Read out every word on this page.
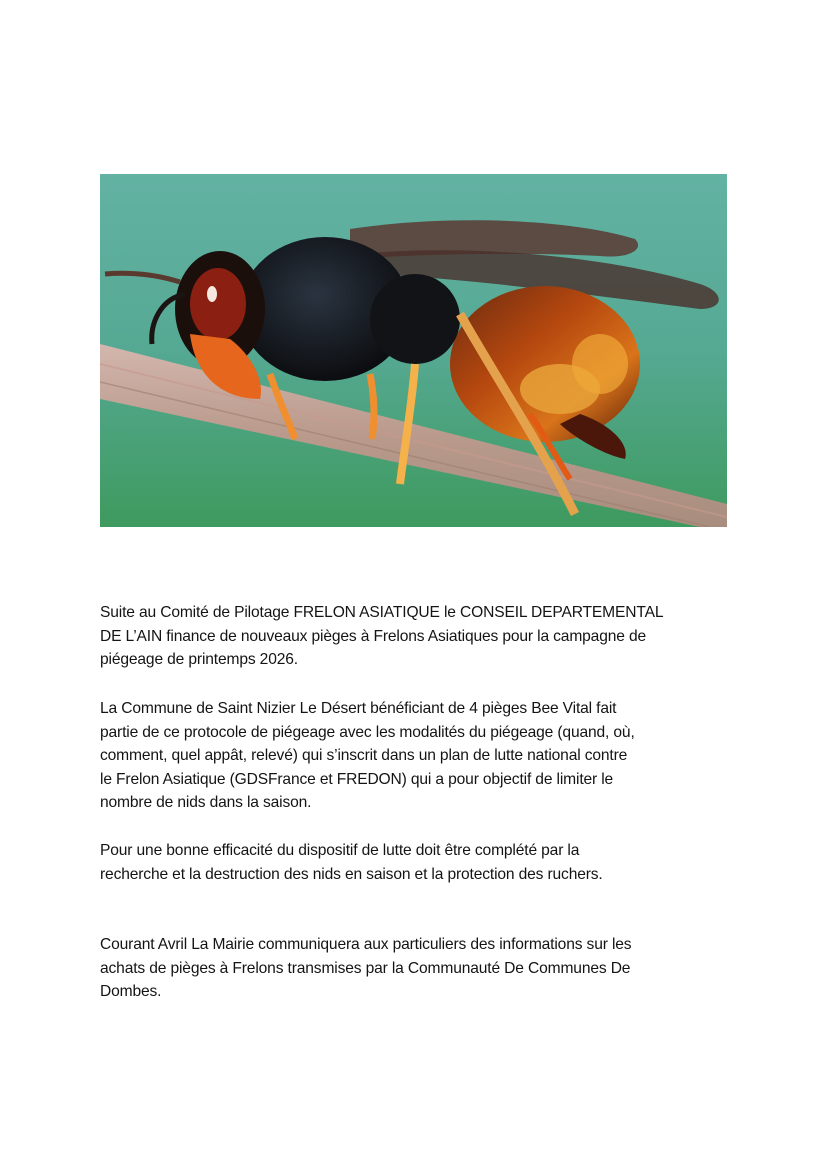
Suite au Comité de Pilotage FRELON ASIATIQUE le CONSEIL DEPARTEMENTAL

DE L’AIN finance de nouveaux pièges à Frelons Asiatiques pour la campagne de

piégeage de printemps 2026.

La Commune de Saint Nizier Le Désert bénéficiant de 4 pièges Bee Vital fait

partie de ce protocole de piégeage avec les modalités du piégeage (quand, où,

comment, quel appât, relevé) qui s’inscrit dans un plan de lutte national contre

le Frelon Asiatique (GDSFrance et FREDON) qui a pour objectif de limiter le

nombre de nids dans la saison.

Pour une bonne efficacité du dispositif de lutte doit être complété par la

recherche et la destruction des nids en saison et la protection des ruchers.

Courant Avril La Mairie communiquera aux particuliers des informations sur les

achats de pièges à Frelons transmises par la Communauté De Communes De

Dombes.
